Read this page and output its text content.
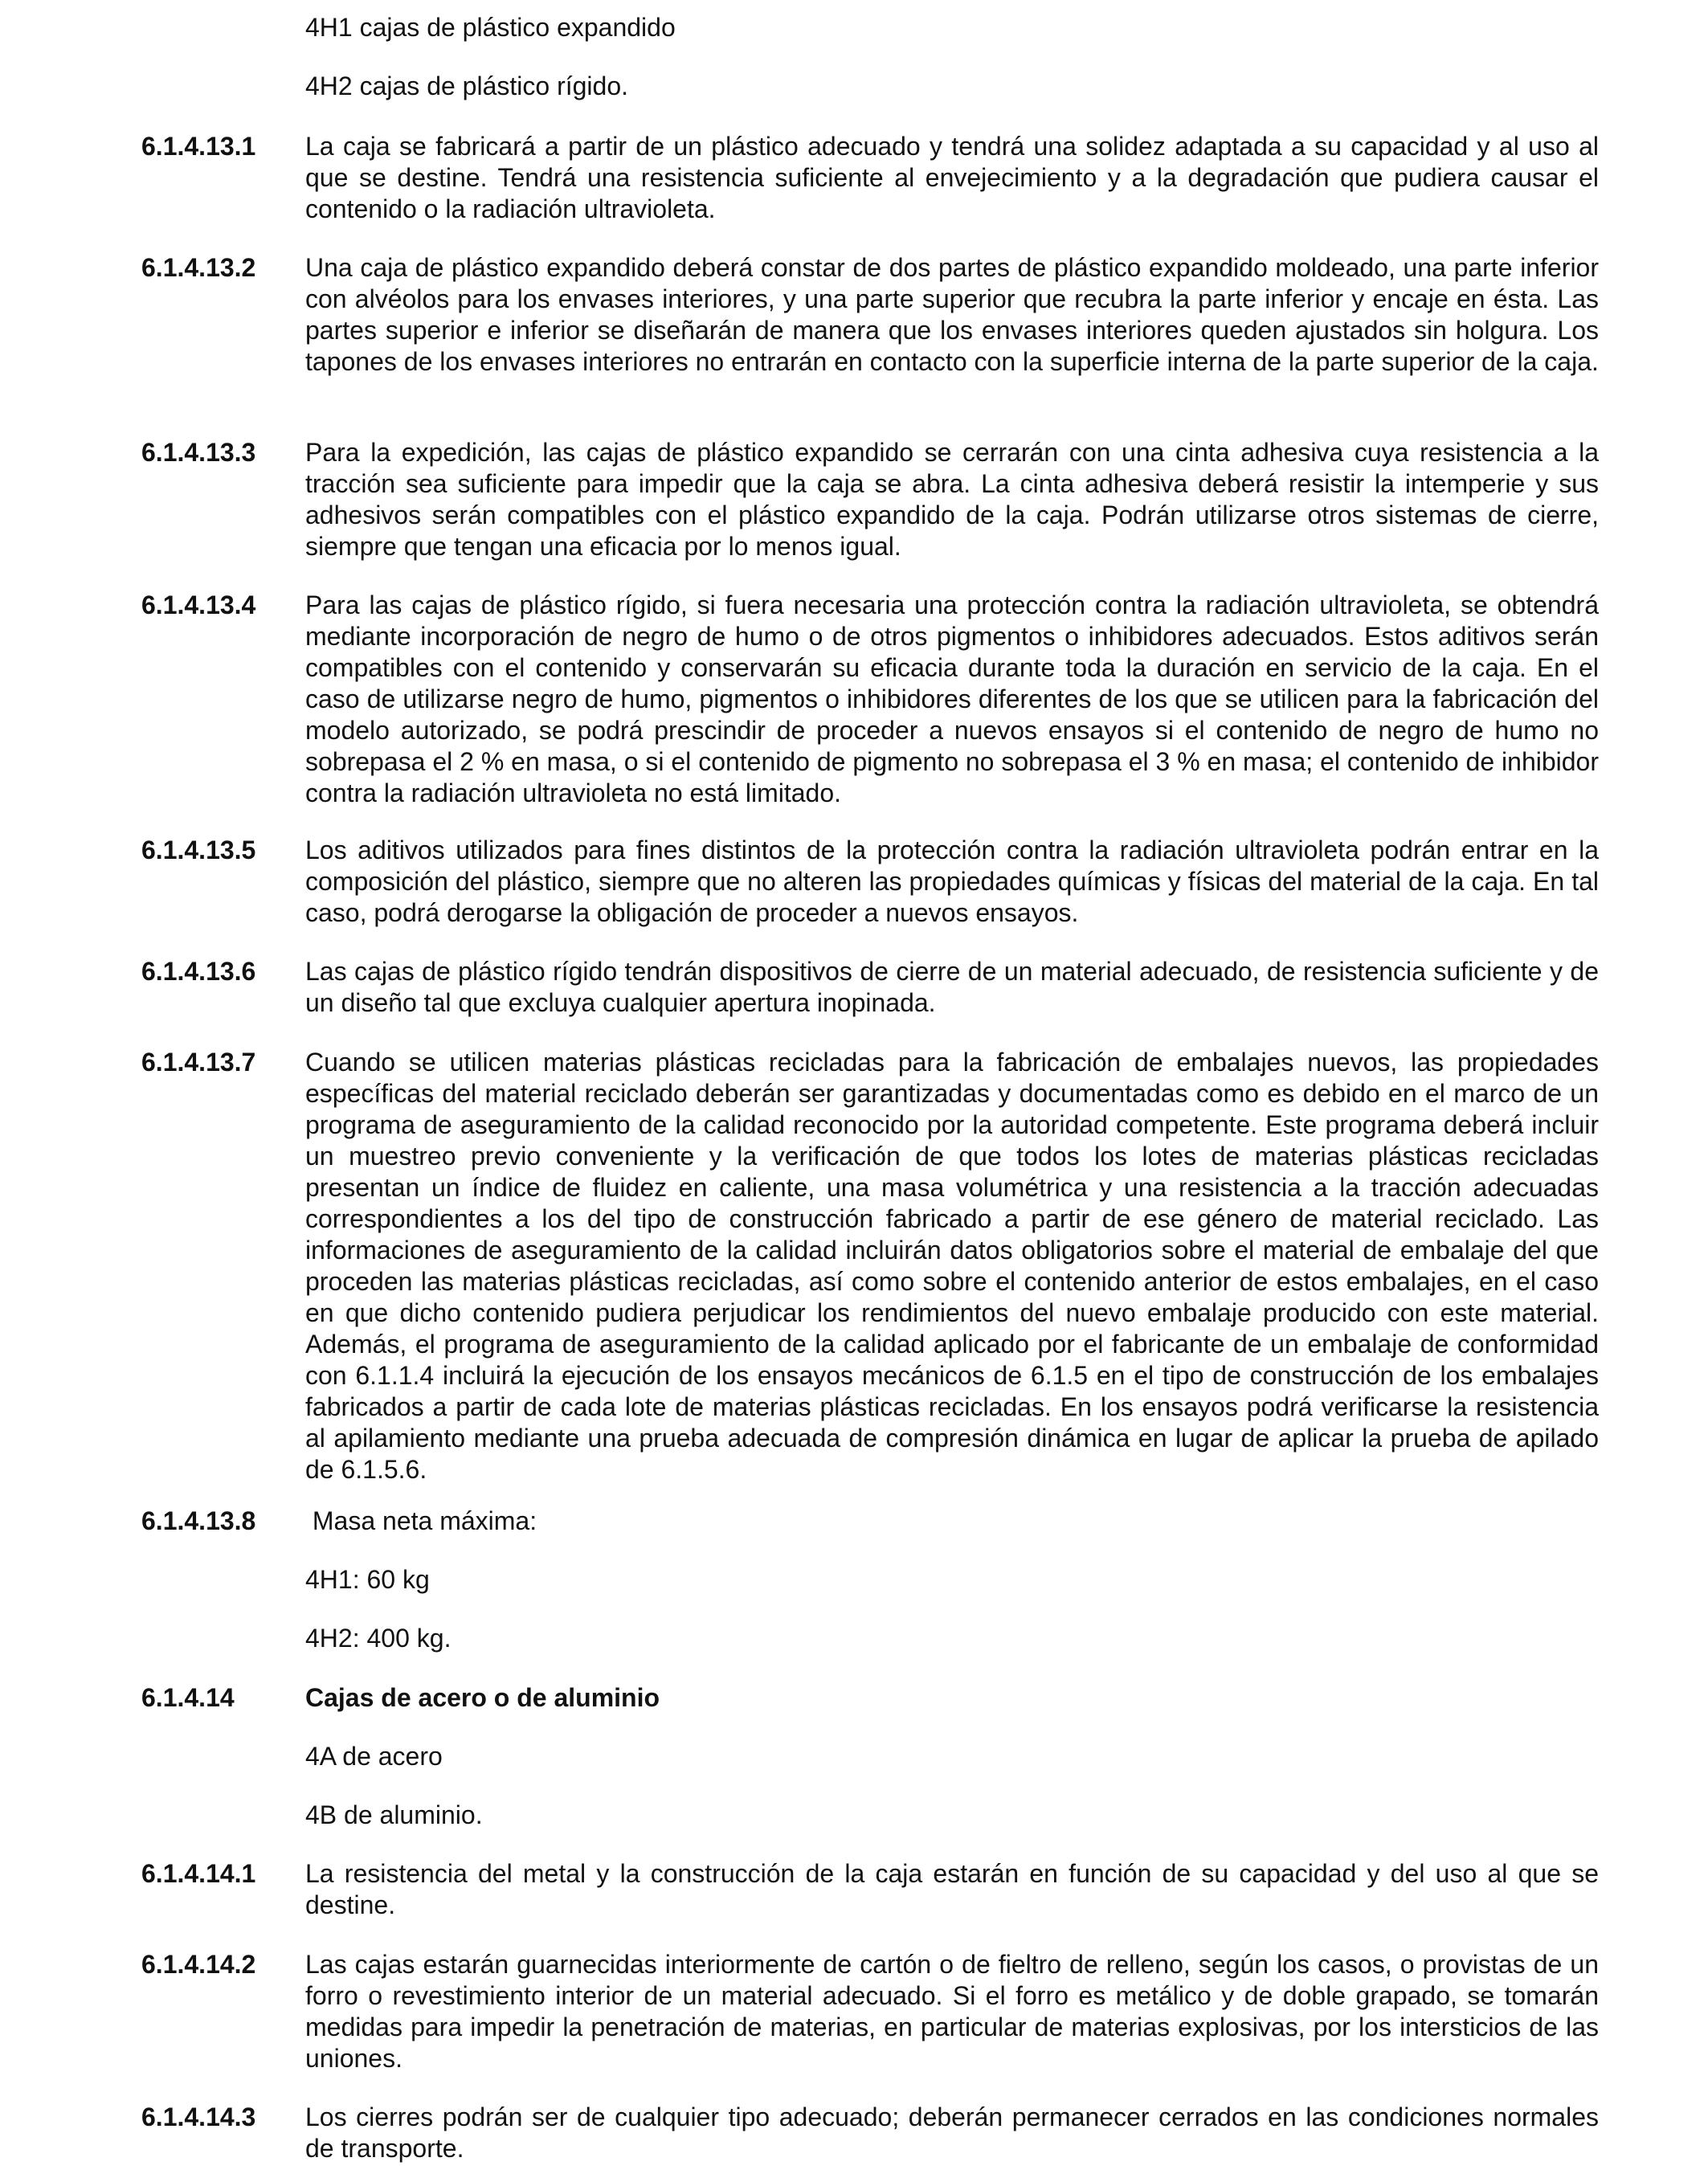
4H1 cajas de plástico expandido

4H2 cajas de plástico rígido.

6.1.4.13.1 La caja se fabricará a partir de un plástico adecuado y tendrá una solidez adaptada a su capacidad y al uso al que se destine. Tendrá una resistencia suficiente al envejecimiento y a la degradación que pudiera causar el contenido o la radiación ultravioleta.

6.1.4.13.2 Una caja de plástico expandido deberá constar de dos partes de plástico expandido moldeado, una parte inferior con alvéolos para los envases interiores, y una parte superior que recubra la parte inferior y encaje en ésta. Las partes superior e inferior se diseñarán de manera que los envases interiores queden ajustados sin holgura. Los tapones de los envases interiores no entrarán en contacto con la superficie interna de la parte superior de la caja.

6.1.4.13.3 Para la expedición, las cajas de plástico expandido se cerrarán con una cinta adhesiva cuya resistencia a la tracción sea suficiente para impedir que la caja se abra. La cinta adhesiva deberá resistir la intemperie y sus adhesivos serán compatibles con el plástico expandido de la caja. Podrán utilizarse otros sistemas de cierre, siempre que tengan una eficacia por lo menos igual.

6.1.4.13.4 Para las cajas de plástico rígido, si fuera necesaria una protección contra la radiación ultravioleta, se obtendrá mediante incorporación de negro de humo o de otros pigmentos o inhibidores adecuados. Estos aditivos serán compatibles con el contenido y conservarán su eficacia durante toda la duración en servicio de la caja. En el caso de utilizarse negro de humo, pigmentos o inhibidores diferentes de los que se utilicen para la fabricación del modelo autorizado, se podrá prescindir de proceder a nuevos ensayos si el contenido de negro de humo no sobrepasa el 2 % en masa, o si el contenido de pigmento no sobrepasa el 3 % en masa; el contenido de inhibidor contra la radiación ultravioleta no está limitado.

6.1.4.13.5 Los aditivos utilizados para fines distintos de la protección contra la radiación ultravioleta podrán entrar en la composición del plástico, siempre que no alteren las propiedades químicas y físicas del material de la caja. En tal caso, podrá derogarse la obligación de proceder a nuevos ensayos.

6.1.4.13.6 Las cajas de plástico rígido tendrán dispositivos de cierre de un material adecuado, de resistencia suficiente y de un diseño tal que excluya cualquier apertura inopinada.

6.1.4.13.7 Cuando se utilicen materias plásticas recicladas para la fabricación de embalajes nuevos, las propiedades específicas del material reciclado deberán ser garantizadas y documentadas como es debido en el marco de un programa de aseguramiento de la calidad reconocido por la autoridad competente. Este programa deberá incluir un muestreo previo conveniente y la verificación de que todos los lotes de materias plásticas recicladas presentan un índice de fluidez en caliente, una masa volumétrica y una resistencia a la tracción adecuadas correspondientes a los del tipo de construcción fabricado a partir de ese género de material reciclado. Las informaciones de aseguramiento de la calidad incluirán datos obligatorios sobre el material de embalaje del que proceden las materias plásticas recicladas, así como sobre el contenido anterior de estos embalajes, en el caso en que dicho contenido pudiera perjudicar los rendimientos del nuevo embalaje producido con este material. Además, el programa de aseguramiento de la calidad aplicado por el fabricante de un embalaje de conformidad con 6.1.1.4 incluirá la ejecución de los ensayos mecánicos de 6.1.5 en el tipo de construcción de los embalajes fabricados a partir de cada lote de materias plásticas recicladas. En los ensayos podrá verificarse la resistencia al apilamiento mediante una prueba adecuada de compresión dinámica en lugar de aplicar la prueba de apilado de 6.1.5.6.

6.1.4.13.8 Masa neta máxima:

4H1: 60 kg

4H2: 400 kg.

6.1.4.14	Cajas de acero o de aluminio

4A de acero

4B de aluminio.

6.1.4.14.1 La resistencia del metal y la construcción de la caja estarán en función de su capacidad y del uso al que se destine.

6.1.4.14.2 Las cajas estarán guarnecidas interiormente de cartón o de fieltro de relleno, según los casos, o provistas de un forro o revestimiento interior de un material adecuado. Si el forro es metálico y de doble grapado, se tomarán medidas para impedir la penetración de materias, en particular de materias explosivas, por los intersticios de las uniones.

6.1.4.14.3 Los cierres podrán ser de cualquier tipo adecuado; deberán permanecer cerrados en las condiciones normales de transporte.
